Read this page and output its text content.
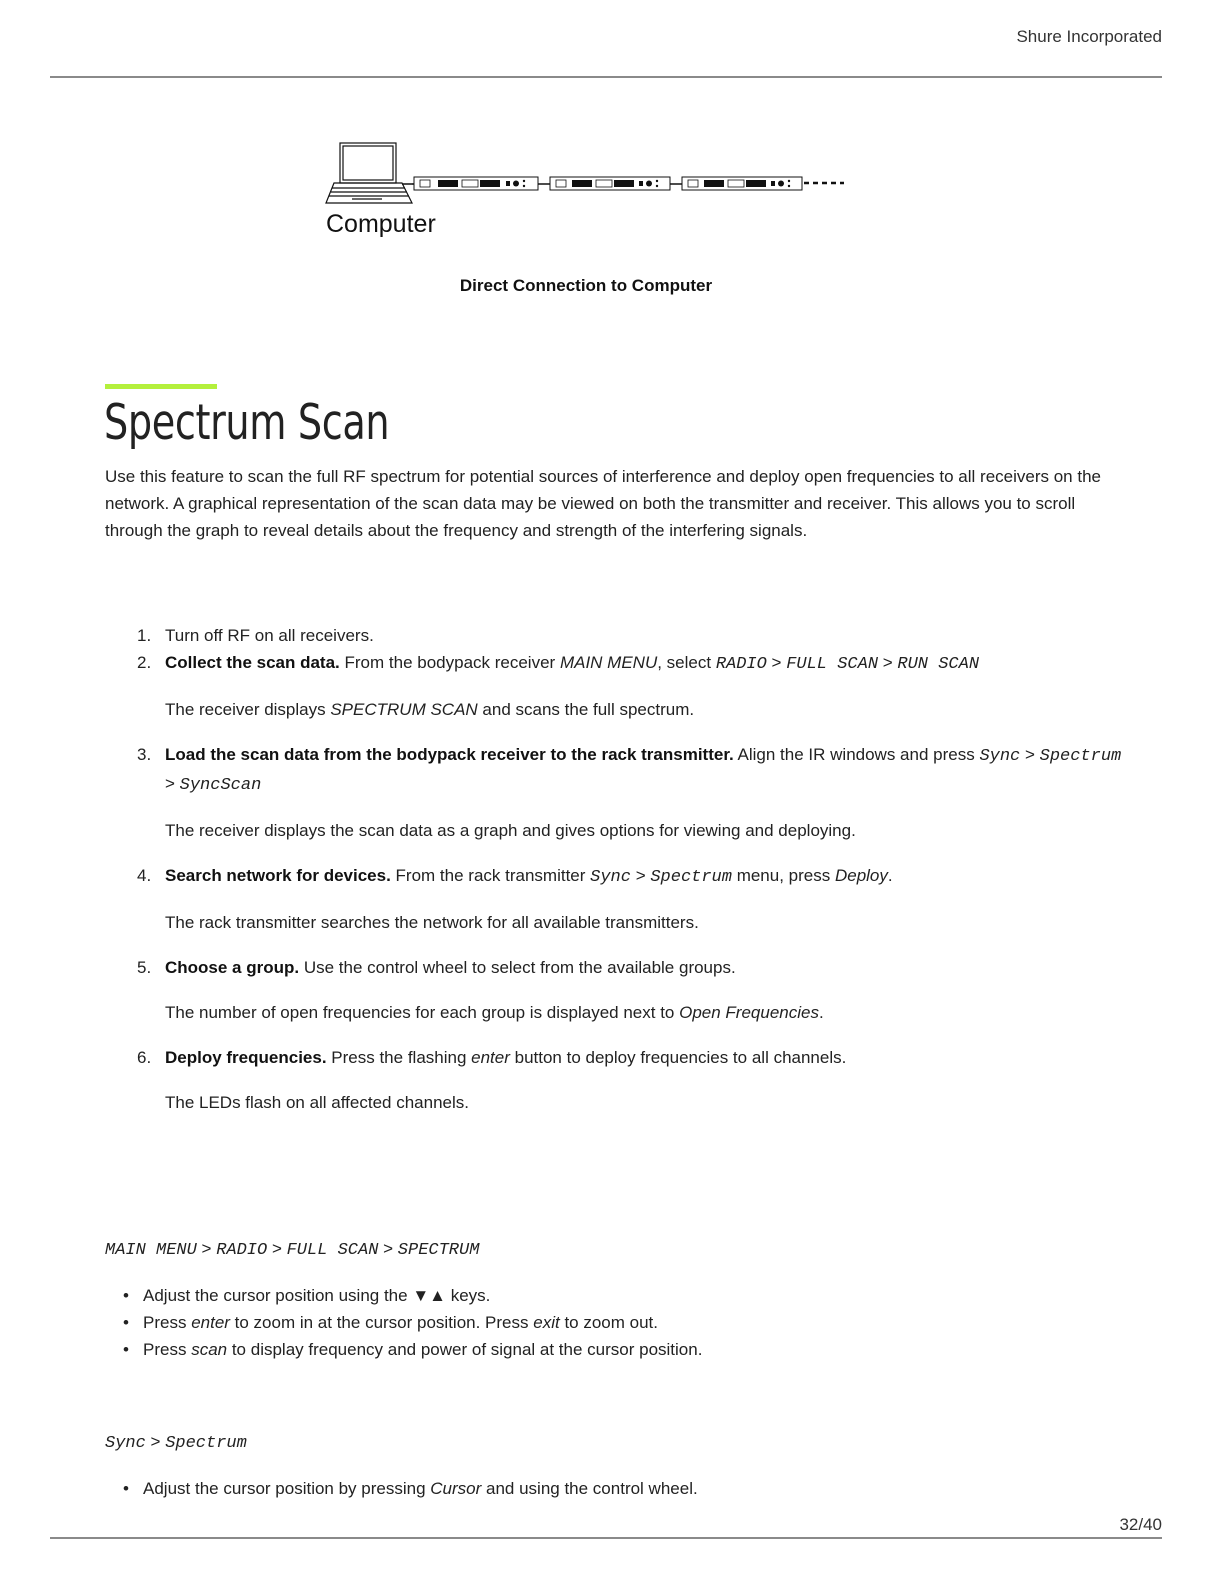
Shure Incorporated
Computer
Direct Connection to Computer
Spectrum Scan

Use this feature to scan the full RF spectrum for potential sources of interference and deploy open frequencies to all receivers on the network. A graphical representation of the scan data may be viewed on both the transmitter and receiver. This allows you to scroll through the graph to reveal details about the frequency and strength of the interfering signals.

1. Turn off RF on all receivers.
2. Collect the scan data. From the bodypack receiver MAIN MENU, select RADIO > FULL SCAN > RUN SCAN
The receiver displays SPECTRUM SCAN and scans the full spectrum.
3. Load the scan data from the bodypack receiver to the rack transmitter. Align the IR windows and press Sync > Spectrum > SyncScan
The receiver displays the scan data as a graph and gives options for viewing and deploying.
4. Search network for devices. From the rack transmitter Sync > Spectrum menu, press Deploy.
The rack transmitter searches the network for all available transmitters.
5. Choose a group. Use the control wheel to select from the available groups.
The number of open frequencies for each group is displayed next to Open Frequencies.
6. Deploy frequencies. Press the flashing enter button to deploy frequencies to all channels.
The LEDs flash on all affected channels.
MAIN MENU > RADIO > FULL SCAN > SPECTRUM
• Adjust the cursor position using the ▼▲ keys.
• Press enter to zoom in at the cursor position. Press exit to zoom out.
• Press scan to display frequency and power of signal at the cursor position.
Sync > Spectrum
• Adjust the cursor position by pressing Cursor and using the control wheel.
32/40
